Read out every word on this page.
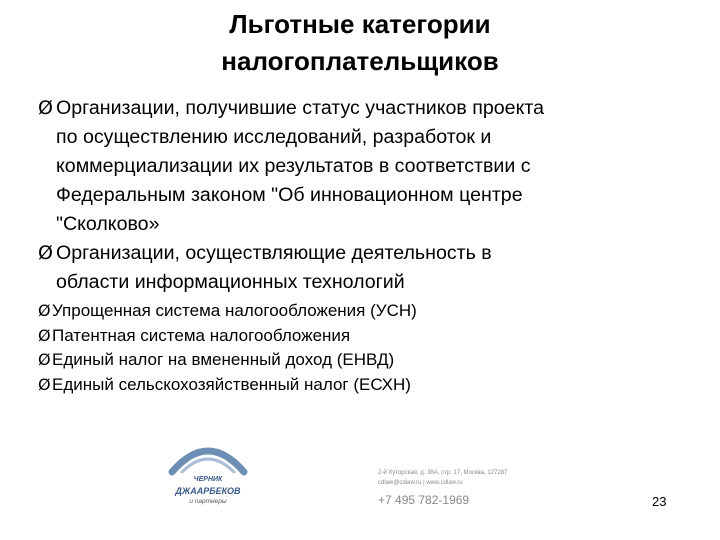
Льготные категории
налогоплательщиков
Ø Организации, получившие статус участников проекта
по осуществлению исследований, разработок и
коммерциализации их результатов в соответствии с
Федеральным законом "Об инновационном центре
"Сколково»
Ø Организации, осуществляющие деятельность в
области информационных технологий
Ø Упрощенная система налогообложения (УСН)
Ø Патентная система налогообложения
Ø Единый налог на вмененный доход (ЕНВД)
Ø Единый сельскохозяйственный налог (ЕСХН)
ЧЕРНИК
ДЖААРБЕКОВ
и партнеры
2-й Хуторская, д. 38А, стр. 17, Москва, 127287
cdlaw@cdlaw.ru | www.cdlaw.ru
+7 495 782-1969	23
